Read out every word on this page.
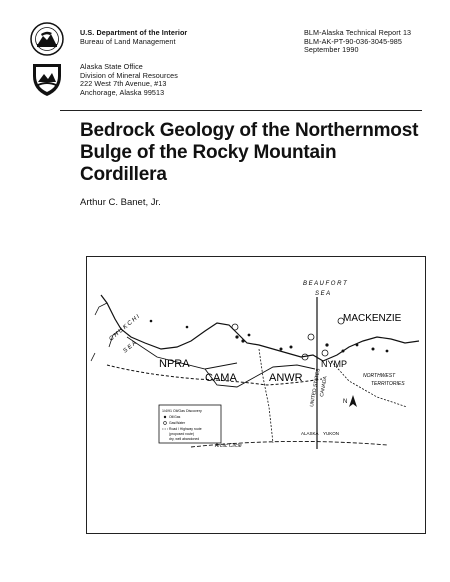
U.S. Department of the Interior
Bureau of Land Management
BLM-Alaska Technical Report 13
BLM-AK-PT-90-036-3045-985
September 1990
Alaska State Office
Division of Mineral Resources
222 West 7th Avenue, #13
Anchorage, Alaska 99513
Bedrock Geology of the Northernmost
Bulge of the Rocky Mountain Cordillera
Arthur C. Banet, Jr.
B E A U F O R T
S E A
C H U K C H I
S E A
MACKENZIE
NPRA
CAMA	ANWR
NYMP
UNITED STATES
CANADA	NORTHWEST
TERRITORIES
ALASKA YUKON
Arctic Circle
N
1/4/91 Oil/Gas Discovery
Oil/Gas
Gas/Water
Road / Highway route
(proposed route)
dry, well abandoned
